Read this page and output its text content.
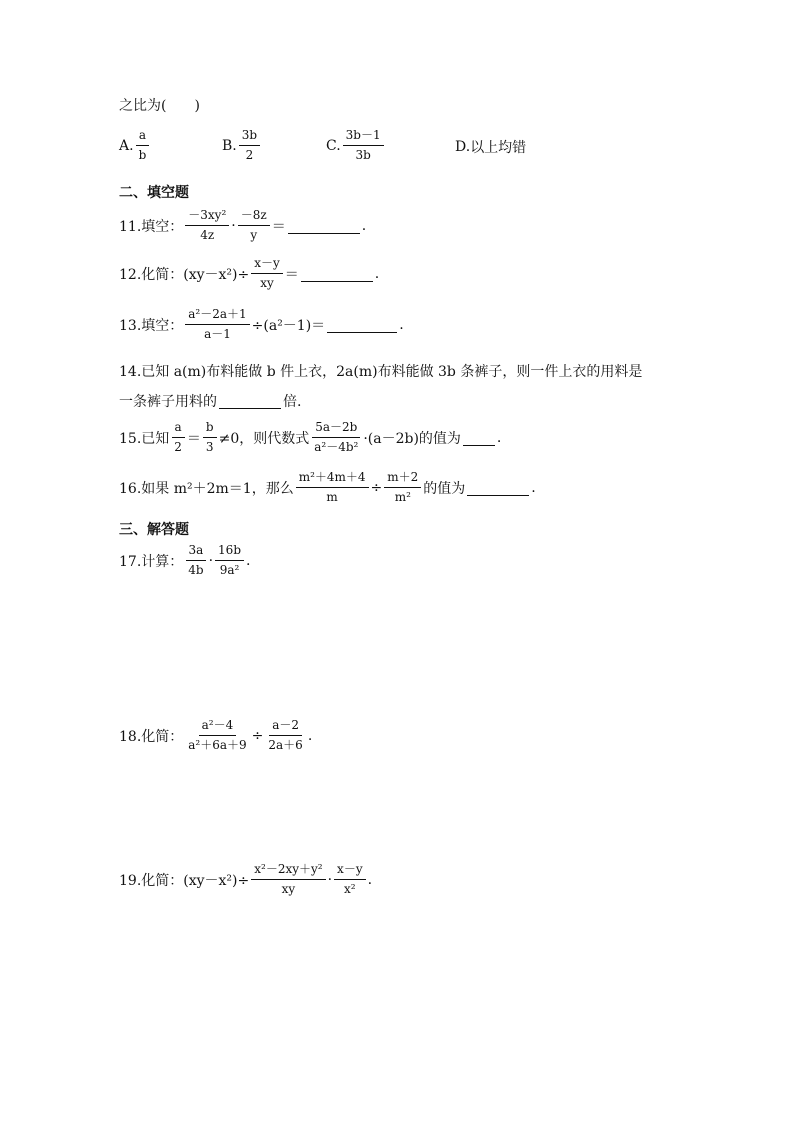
之比为(　　)
A. $\frac{a}{b}$	B. $\frac{3b}{2}$	C. $\frac{3b-1}{3b}$	D. 以上均错
二、填空题
11.填空： $\frac{\text{－3xy²}}{4z} \cdot \frac{-8z}{y}$ ＝	.
12.化简： $(xy-x^2)\div \frac{x-y}{xy}$ ＝	.
13.填空： $\frac{\text{a²－2a＋1}}{a-1} \div(a^2-1)=$	.
14.已知 a(m)布料能做 b 件上衣，2a(m)布料能做 3b 条裤子，则一件上衣的用料是
一条裤子用料的	倍.
15.已知 $\frac{a}{2} = \frac{b}{3} \ne 0$，则代数式 $\frac{5a-2b}{\text{a²－4b²}} \cdot(a-2b)$的值为	.
16.如果 m²＋2m＝1，那么 $\frac{\text{m²＋4m＋4}}{m} \div \frac{m+2}{\text{m²}}$ 的值为	.
三、解答题
17.计算： $\frac{3a}{4b} \cdot \frac{16b}{\text{9a²}}$ .
18.化简： $\frac{\text{a²－4}}{\text{a²＋6a＋9}} \div \frac{a-2}{2a+6}$ .
19.化简： $(xy-x^2)\div \frac{\text{x²－2xy＋y²}}{xy} \cdot \frac{x-y}{\text{x²}}$ .
